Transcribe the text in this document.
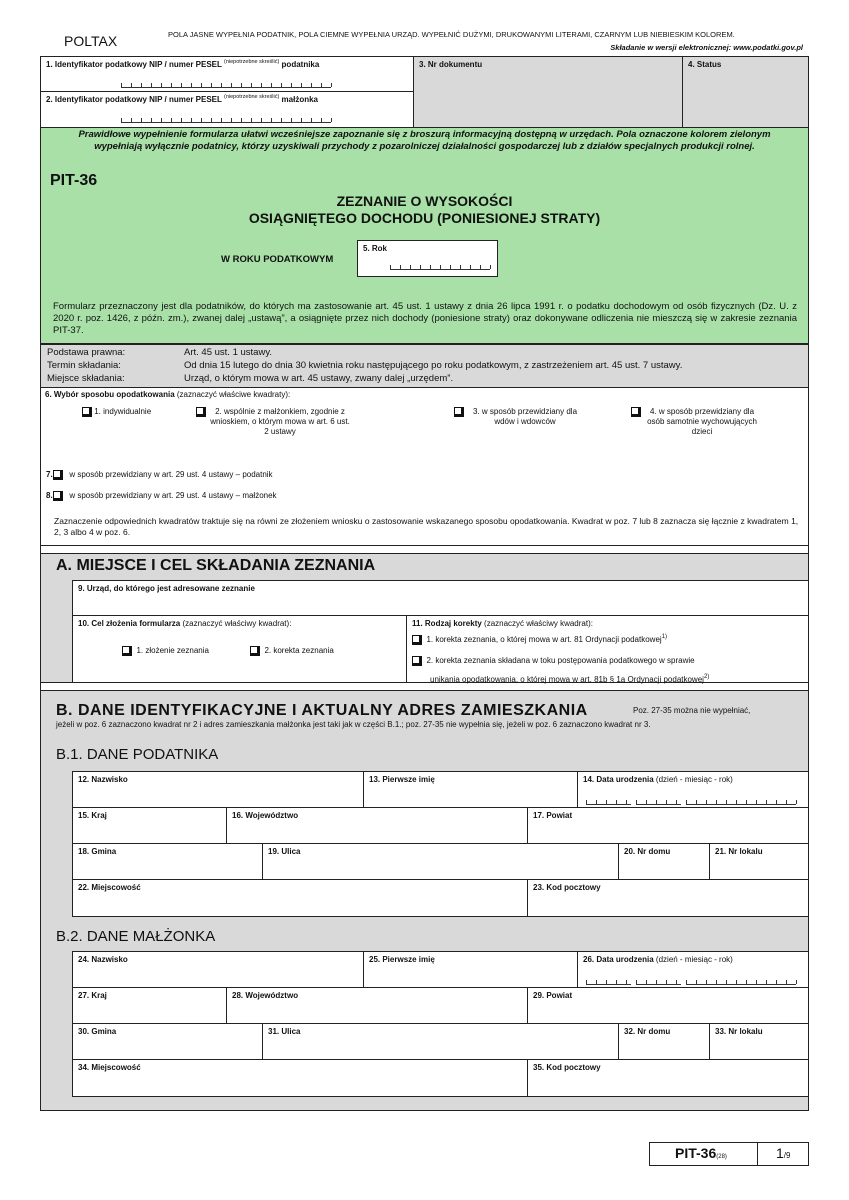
POLTAX	POLA JASNE WYPEŁNIA PODATNIK, POLA CIEMNE WYPEŁNIA URZĄD. WYPEŁNIĆ DUŻYMI, DRUKOWANYMI LITERAMI, CZARNYM LUB NIEBIESKIM KOLOREM.
Składanie w wersji elektronicznej: www.podatki.gov.pl
1. Identyfikator podatkowy NIP / numer PESEL $^{(niepotrzebne skreślić)}$ podatnika
2. Identyfikator podatkowy NIP / numer PESEL $^{(niepotrzebne skreślić)}$ małżonka
3. Nr dokumentu	4. Status
Prawidłowe wypełnienie formularza ułatwi wcześniejsze zapoznanie się z broszurą informacyjną dostępną w urzędach. Pola oznaczone kolorem zielonym wypełniają wyłącznie podatnicy, którzy uzyskiwali przychody z pozarolniczej działalności gospodarczej lub z działów specjalnych produkcji rolnej.
PIT-36
ZEZNANIE O WYSOKOŚCI
OSIĄGNIĘTEGO DOCHODU (PONIESIONEJ STRATY)
W ROKU PODATKOWYM
5. Rok
Formularz przeznaczony jest dla podatników, do których ma zastosowanie art. 45 ust. 1 ustawy z dnia 26 lipca 1991 r. o podatku dochodowym od osób fizycznych (Dz. U. z 2020 r. poz. 1426, z późn. zm.), zwanej dalej „ustawą”, a osiągnięte przez nich dochody (poniesione straty) oraz dokonywane odliczenia nie mieszczą się w zakresie zeznania PIT-37.
Podstawa prawna:	Art. 45 ust. 1 ustawy.
Termin składania:	Od dnia 15 lutego do dnia 30 kwietnia roku następującego po roku podatkowym, z zastrzeżeniem art. 45 ust. 7 ustawy.
Miejsce składania:	Urząd, o którym mowa w art. 45 ustawy, zwany dalej „urzędem”.
6. Wybór sposobu opodatkowania (zaznaczyć właściwe kwadraty):
1. indywidualnie	2. wspólnie z małżonkiem, zgodnie z wnioskiem, o którym mowa w art. 6 ust. 2 ustawy
3. w sposób przewidziany dla wdów i wdowców
4. w sposób przewidziany dla osób samotnie wychowujących dzieci
7. w sposób przewidziany w art. 29 ust. 4 ustawy – podatnik
8. w sposób przewidziany w art. 29 ust. 4 ustawy – małżonek
Zaznaczenie odpowiednich kwadratów traktuje się na równi ze złożeniem wniosku o zastosowanie wskazanego sposobu opodatkowania. Kwadrat w poz. 7 lub 8 zaznacza się łącznie z kwadratem 1, 2, 3 albo 4 w poz. 6.
A. MIEJSCE I CEL SKŁADANIA ZEZNANIA
9. Urząd, do którego jest adresowane zeznanie
10. Cel złożenia formularza (zaznaczyć właściwy kwadrat):
1. złożenie zeznania	2. korekta zeznania
11. Rodzaj korekty (zaznaczyć właściwy kwadrat):
1. korekta zeznania, o której mowa w art. 81 Ordynacji podatkowej$^{1)}$
2. korekta zeznania składana w toku postępowania podatkowego w sprawie
unikania opodatkowania, o której mowa w art. 81b § 1a Ordynacji podatkowej$^{2)}$
B. DANE IDENTYFIKACYJNE I AKTUALNY ADRES ZAMIESZKANIA	Poz. 27-35 można nie wypełniać,
jeżeli w poz. 6 zaznaczono kwadrat nr 2 i adres zamieszkania małżonka jest taki jak w części B.1.; poz. 27-35 nie wypełnia się, jeżeli w poz. 6 zaznaczono kwadrat nr 3.
B.1. DANE PODATNIKA
12. Nazwisko	13. Pierwsze imię	14. Data urodzenia (dzień - miesiąc - rok)
15. Kraj	16. Województwo	17. Powiat
18. Gmina	19. Ulica	20. Nr domu	21. Nr lokalu
22. Miejscowość	23. Kod pocztowy
B.2. DANE MAŁŻONKA
24. Nazwisko	25. Pierwsze imię	26. Data urodzenia (dzień - miesiąc - rok)
27. Kraj	28. Województwo	29. Powiat
30. Gmina	31. Ulica	32. Nr domu	33. Nr lokalu
34. Miejscowość	35. Kod pocztowy
PIT-36(28)	1/9
